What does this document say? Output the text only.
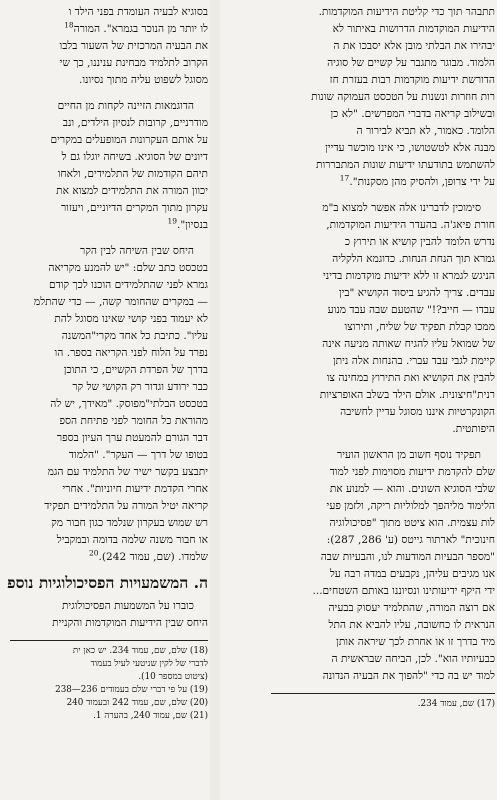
תתבהר תוך כדי קליטת הידיעות המוקדמות.

הידיעות המוקדמות הדרושות באיתור לא

יבהירו את הבלתי מובן אלא יסבכו את ה

הלמוד. מבוגר מתגבר על קשיים של סוגיה

הדורשת ידיעות מוקדמות רבות בעזרת חז

רות חוזרות ונשנות על הטכסט העמוקה שונות

ובשילוב קריאה בדברי המפרשים. "לא כן

הלומד. כאמור, לא תביא לבירור ה

מבנה אלא לטשטושו, כי אינו מוכשר עדיין

להשתמש בתודעתו ידיעות שונות המתבררות

על ידי צרופן, ולהסיק מהן מסקנות".$^{17}$

סימוכין לדברינו אלה אפשר למצוא ב"מ

חורת פיאג'ה. בהעדר הידיעות המוקדמות,

נדרש הלומד להבין קושיא או תירוץ כ

גמרא תוך הנחת הנחות. כדוגמא הלקליה

הניגש לגמרא זו ללא ידיעות מוקדמות בדיני

עבדים. צריך להגיע ביסוד הקושיא "בין

עבדו — חייב?!" שהטעם שבה עבד מנוע

ממכו קבלת תפקיד של שליח, ותירוצו

של שמואל עליו להגיח שאותה מניעה אינה

קיימת לגבי עבד עברי. בהנחות אלה ניתן

להבין את הקושיא ואת התירוץ במחינה צו

רנית"חיצונית. אולם הילד בשלב האופרציות

הקונקרטיות איננו מסוגל עדיין לחשיבה

היפותטית.

תפקיד נוסף חשוב מן הראשון הועיר

שלם להקדמת ידיעות מסוימות לפני למוד

שלבי הסוגיא השונים. והוא — למנוע את

הלימוד מליהפך למלוליות ריקה, ולזמן פעי

לות עצמית. הוא ציטט מתוך "פסיכולוגיה

חינוכית" לארתור גייטס (ע' 286, 287):

"מספר הבעיות המודעות לנו, והבעיות שבה

אנו מגיבים עליהן, נקבעים במדה רבה על

ידי היקף ידיעותינו ונסיוננו באותם השטחים...

אם רוצה המורה, שהתלמיד יעסוק בבעיה

הנראית לו כחשובה, עליו להביא את התל

מיד בדרך זו או אחרת לכך שיראה אותן

כבעיותיו הוא". לכן, הביחה שבראשית ה

למוד יש בה כדי "להפוך את הבעיה הנדונה

(17) שם, עמוד 234.

בסוגיא לבעיה העומדת בפני הילד ו

לו יותר מן הנוכר בגמרא". המורה$^{18}$

את הבעיה המרכזית של השעור בלבו

הקרוב לתלמיד מבחינת עניננו, כך שי

מסוגל לשפוט עליה מתוך נסיונו.

הדוגמאות הזיינה לקחות מן החיים

מודרניים, קרובות לנסיון הילדים, ונב

על אותם העקרונות המופעלים במקרים

דיונים של הסוגיא. בשיחה יוגלו גם ל

תיהם הקודמות של התלמידים, ולאחו

יכוון המורה את התלמידים למצוא את

עקרון מתוך המקרים הדיוניים, ויעזור

בנסיון".$^{19}$

היחס שבין השיחה לבין הקר

בטכסט כתב שלם: "יש להמנע מקריאה

גמרא לפני שהתלמידים הוכנו לכך קודם

— במקרים שהחומר קשה, — כדי שהתלמ

לא יעמוד בפני קושי שאינו מסוגל להת

עליו". כתיבת כל אחד מקרי"המשנה

נפרד על הלוח לפני הקריאה בספר. הו

בדרך של הפרדת הקשיים, כי התוכן

כבר ירודע וגדור רק הקושי של קר

בטכסט הבלתי"מפוסק. "מאידך, יש לה

מהוראת כל החומר לפני פתיחת הספ

דבר הגורם להמעטת ערך העיון בספר

בטופו של דרך — העקר". "הלמוד

יתבצע בקשר ישיר של התלמיד עם הגמ

אחרי הקדמת ידיעות חיוניות". אחרי

קריאה יטיל המורה על התלמידים תפקיד

רש שמוש בעקרון שנלמד כגון חבור מק

או חבור משנה שלמה בדומה ובמקביל

שלמדו. (שם, עמוד 242).$^{20}$

ה. המשמעויות הפסיכולוגיות נוספ

כוברו על המשמעות הפסיכולוגית

היחס שבין הידיעות המוקדמות והקניית

(18) שלם, שם, עמוד 234. יש כאן ית

לדברי של לקין שניטעי לעיל בעמוד

(ציטוט במספר 10).

(19) על פי דברי שלם בעמודים 236—238

(20) שלם, שם, עמוד 242 ובעמוד 240

(21) שם, עמוד 240, בהערה 1.
